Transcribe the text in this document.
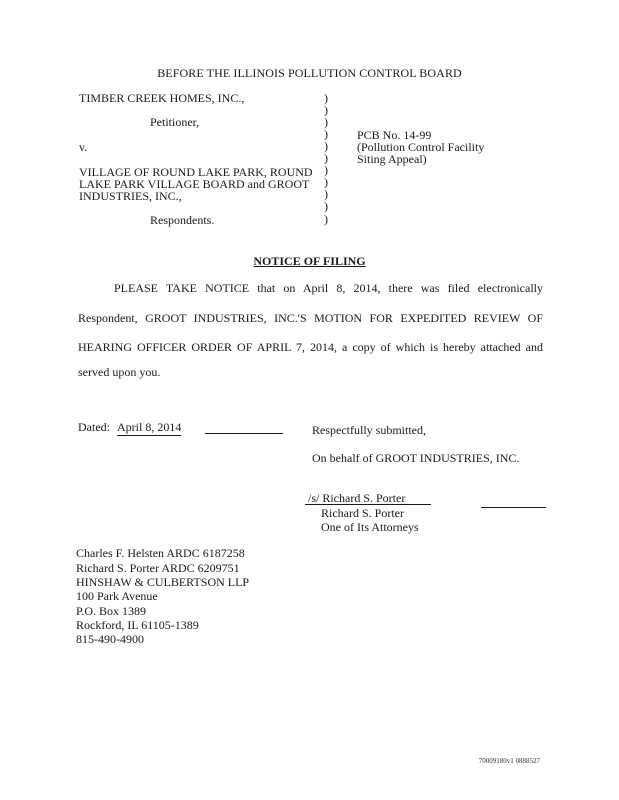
BEFORE THE ILLINOIS POLLUTION CONTROL BOARD
TIMBER CREEK HOMES, INC.,
Petitioner,
v.
VILLAGE OF ROUND LAKE PARK, ROUND
LAKE PARK VILLAGE BOARD and GROOT
INDUSTRIES, INC.,
Respondents.
)
)
)
)
)
)
)
)
)
)
)
PCB No. 14-99
(Pollution Control Facility
Siting Appeal)
NOTICE OF FILING
PLEASE TAKE NOTICE that on April 8, 2014, there was filed electronically
Respondent, GROOT INDUSTRIES, INC.'S MOTION FOR EXPEDITED REVIEW OF
HEARING OFFICER ORDER OF APRIL 7, 2014, a copy of which is hereby attached and
served upon you.
Dated: April 8, 2014	Respectfully submitted,
On behalf of GROOT INDUSTRIES, INC.
/s/ Richard S. Porter
Richard S. Porter
One of Its Attorneys
Charles F. Helsten ARDC 6187258
Richard S. Porter ARDC 6209751
HINSHAW & CULBERTSON LLP
100 Park Avenue
P.O. Box 1389
Rockford, IL 61105-1389
815-490-4900
70009180v1 0888527
